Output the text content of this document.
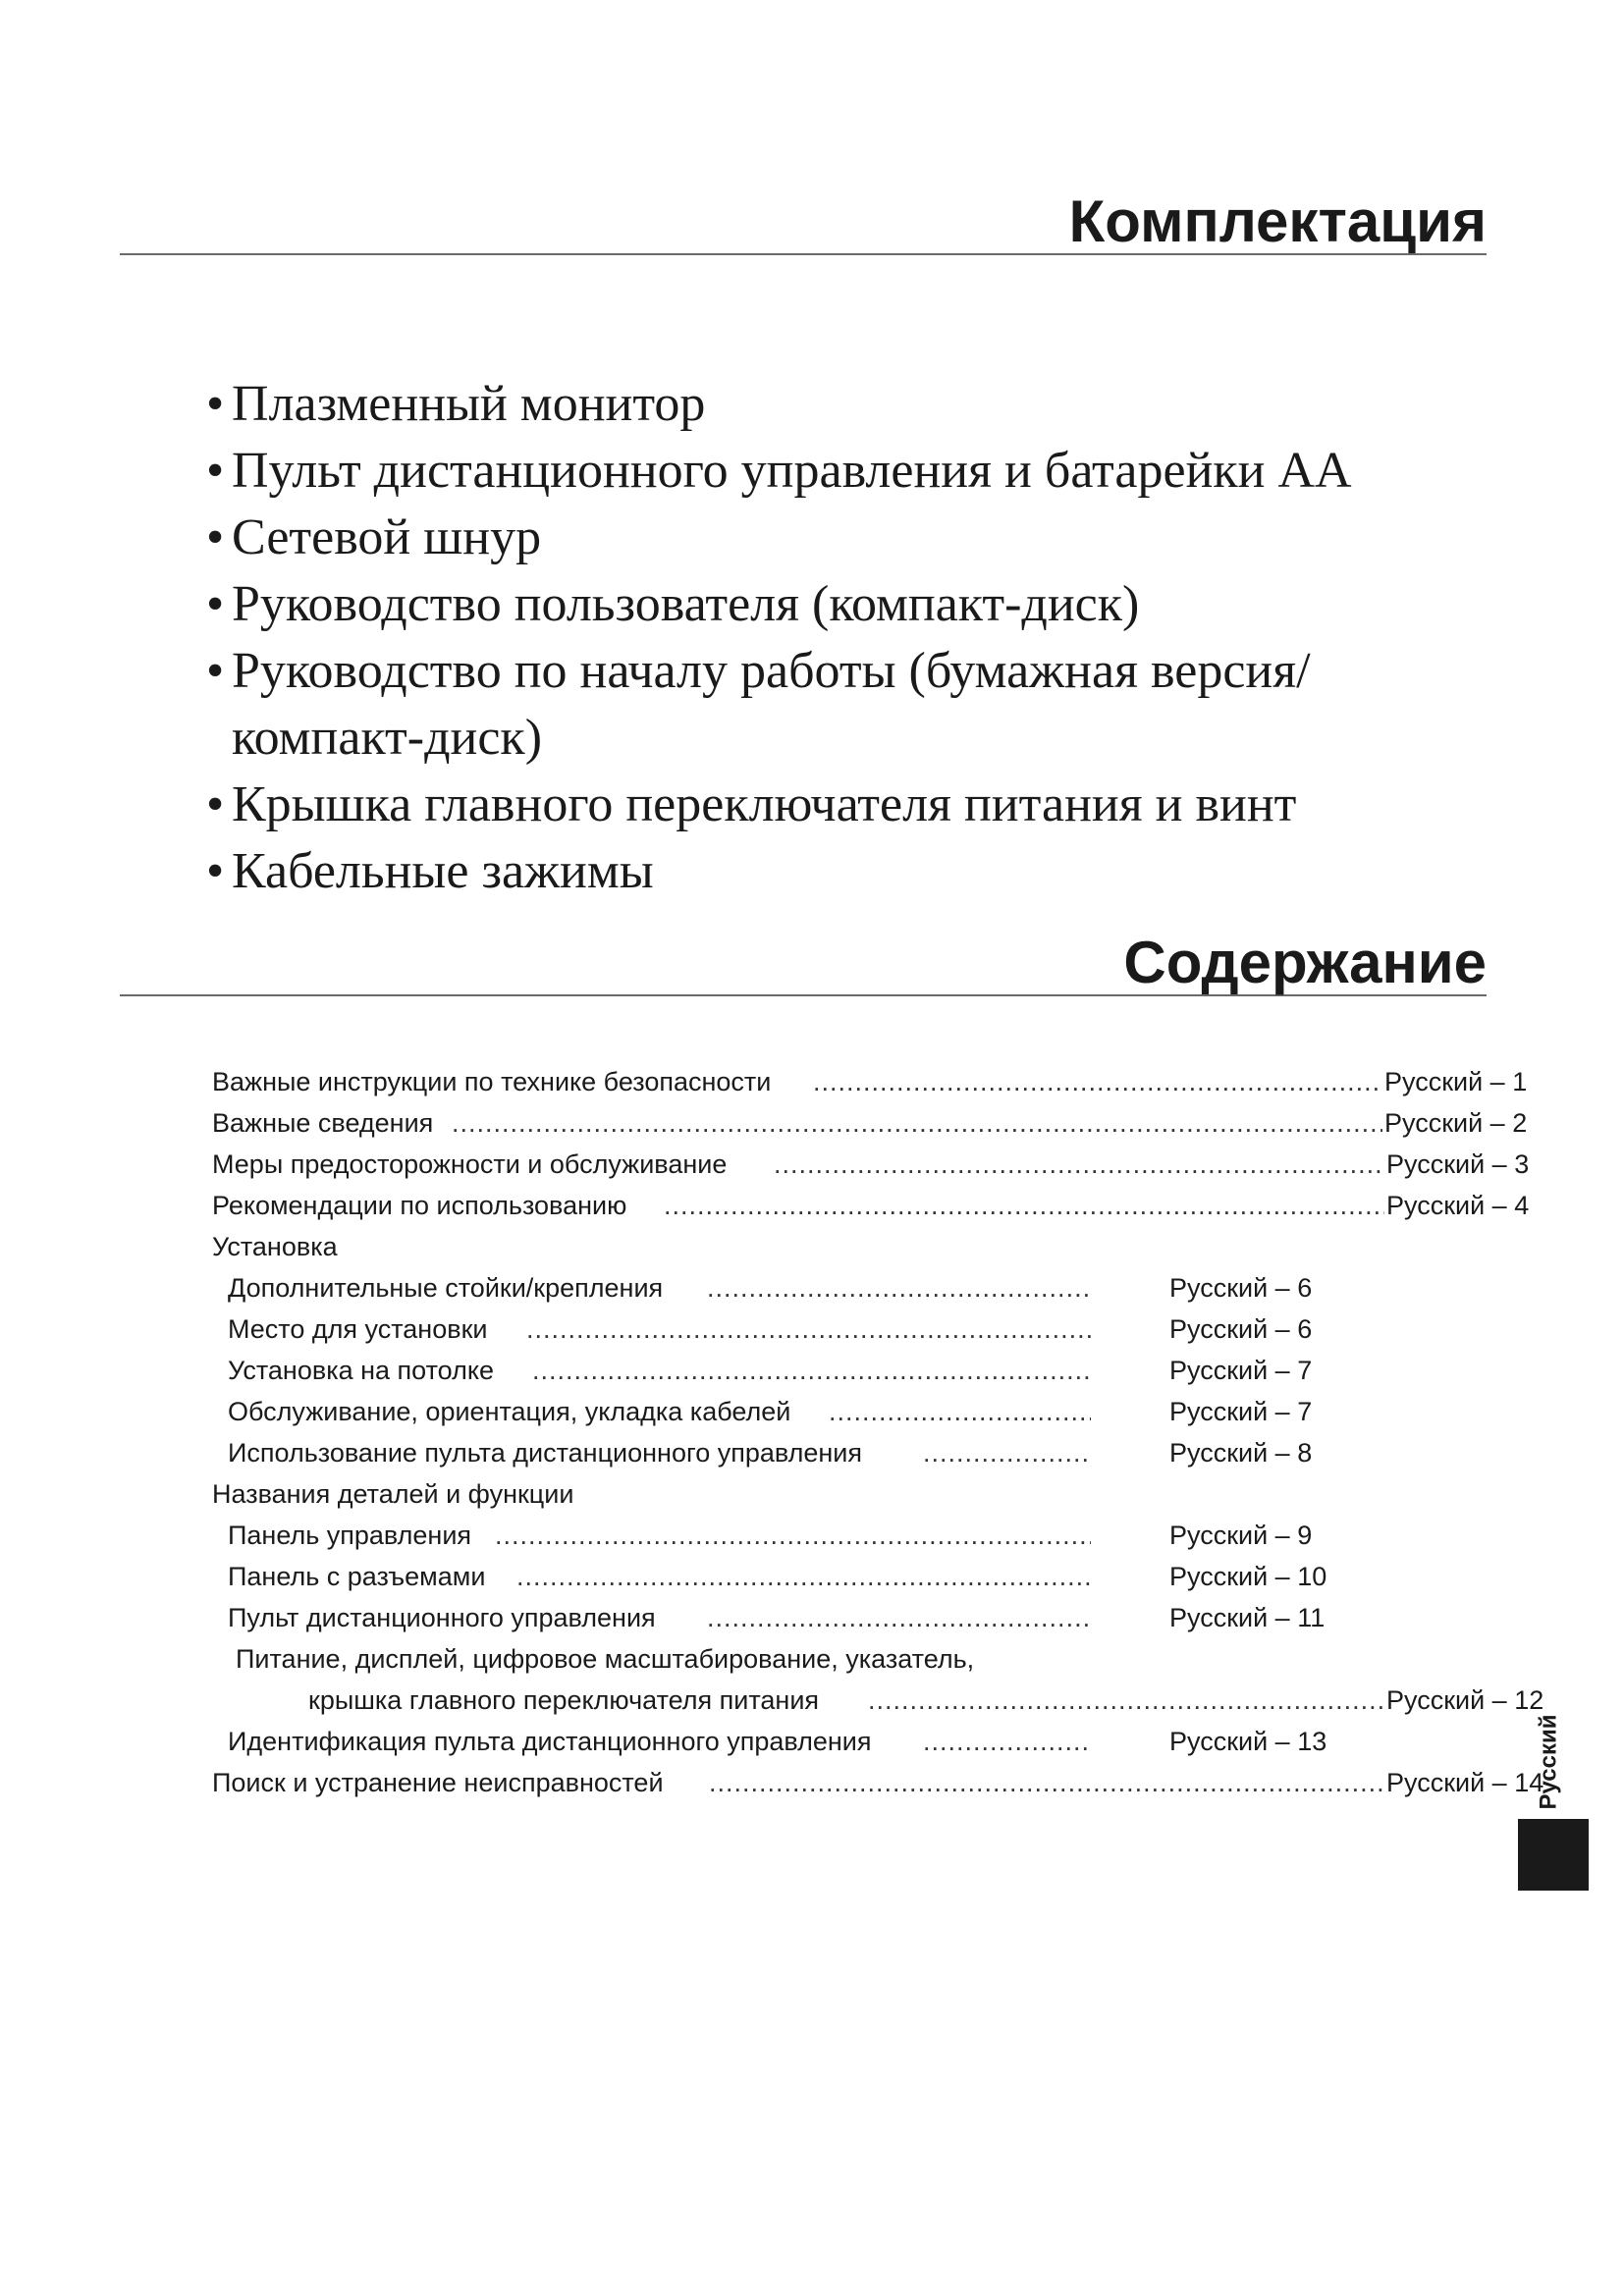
Комплектация
• Плазменный монитор
• Пульт дистанционного управления и батарейки АА
• Сетевой шнур
• Руководство пользователя (компакт-диск)
• Руководство по началу работы (бумажная версия/
компакт-диск)
• Крышка главного переключателя питания и винт
• Кабельные зажимы
Содержание
Важные инструкции по технике безопасности .....	Русский – 1
Важные сведения .....	Русский – 2
Меры предосторожности и обслуживание .....	Русский – 3
Рекомендации по использованию .....	Русский – 4
Установка
Дополнительные стойки/крепления .....	Русский – 6
Место для установки .....	Русский – 6
Установка на потолке .....	Русский – 7
Обслуживание, ориентация, укладка кабелей .....	Русский – 7
Использование пульта дистанционного управления .....	Русский – 8
Названия деталей и функции
Панель управления .....	Русский – 9
Панель с разъемами .....	Русский – 10
Пульт дистанционного управления .....	Русский – 11
Питание, дисплей, цифровое масштабирование, указатель,
крышка главного переключателя питания .....	Русский – 12
Идентификация пульта дистанционного управления .....	Русский – 13
Поиск и устранение неисправностей .....	Русский – 14
Русский
